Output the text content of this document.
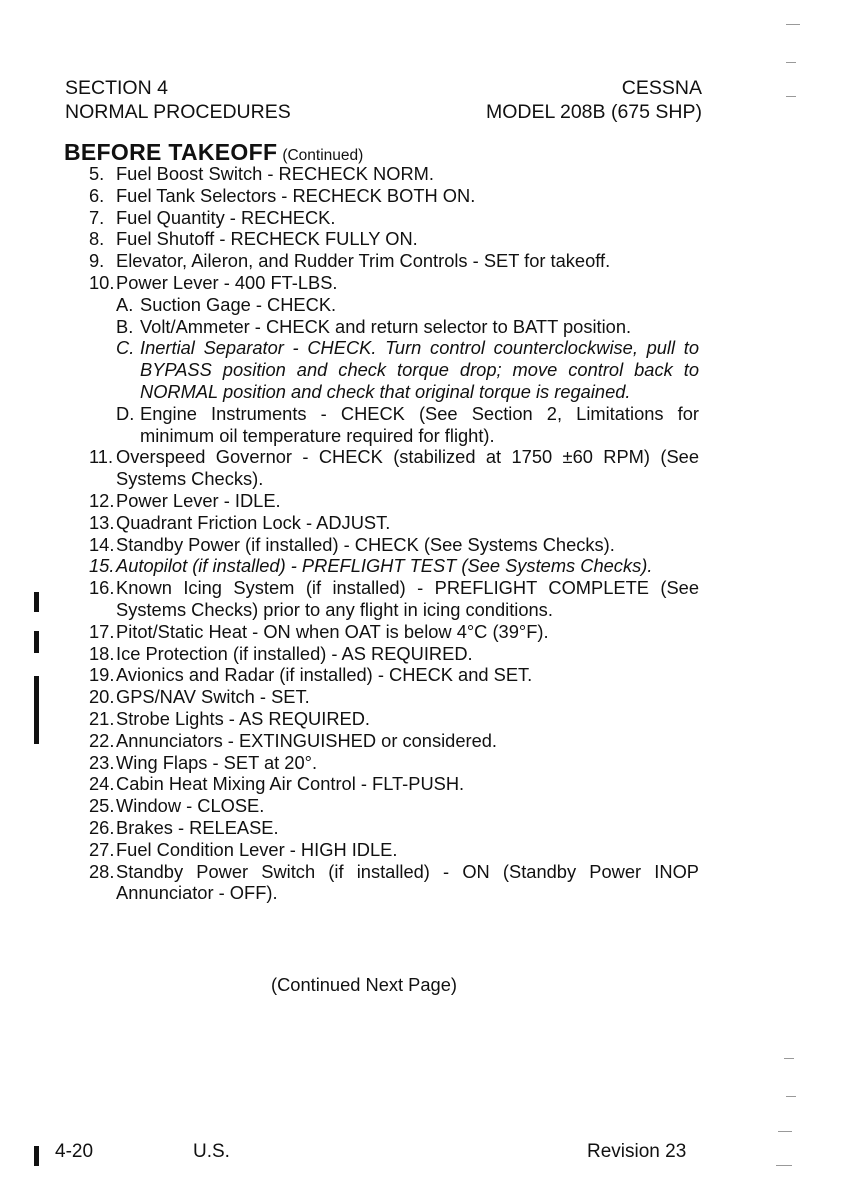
SECTION 4
NORMAL PROCEDURES
CESSNA
MODEL 208B (675 SHP)
BEFORE TAKEOFF (Continued)
5. Fuel Boost Switch - RECHECK NORM.
6. Fuel Tank Selectors - RECHECK BOTH ON.
7. Fuel Quantity - RECHECK.
8. Fuel Shutoff - RECHECK FULLY ON.
9. Elevator, Aileron, and Rudder Trim Controls - SET for takeoff.
10. Power Lever - 400 FT-LBS.
A. Suction Gage - CHECK.
B. Volt/Ammeter - CHECK and return selector to BATT position.
C. Inertial Separator - CHECK. Turn control counterclockwise, pull to BYPASS position and check torque drop; move control back to NORMAL position and check that original torque is regained.
D. Engine Instruments - CHECK (See Section 2, Limitations for minimum oil temperature required for flight).
11. Overspeed Governor - CHECK (stabilized at 1750 ±60 RPM) (See Systems Checks).
12. Power Lever - IDLE.
13. Quadrant Friction Lock - ADJUST.
14. Standby Power (if installed) - CHECK (See Systems Checks).
15. Autopilot (if installed) - PREFLIGHT TEST (See Systems Checks).
16. Known Icing System (if installed) - PREFLIGHT COMPLETE (See Systems Checks) prior to any flight in icing conditions.
17. Pitot/Static Heat - ON when OAT is below 4°C (39°F).
18. Ice Protection (if installed) - AS REQUIRED.
19. Avionics and Radar (if installed) - CHECK and SET.
20. GPS/NAV Switch - SET.
21. Strobe Lights - AS REQUIRED.
22. Annunciators - EXTINGUISHED or considered.
23. Wing Flaps - SET at 20°.
24. Cabin Heat Mixing Air Control - FLT-PUSH.
25. Window - CLOSE.
26. Brakes - RELEASE.
27. Fuel Condition Lever - HIGH IDLE.
28. Standby Power Switch (if installed) - ON (Standby Power INOP Annunciator - OFF).
(Continued Next Page)
4-20	U.S.	Revision 23
